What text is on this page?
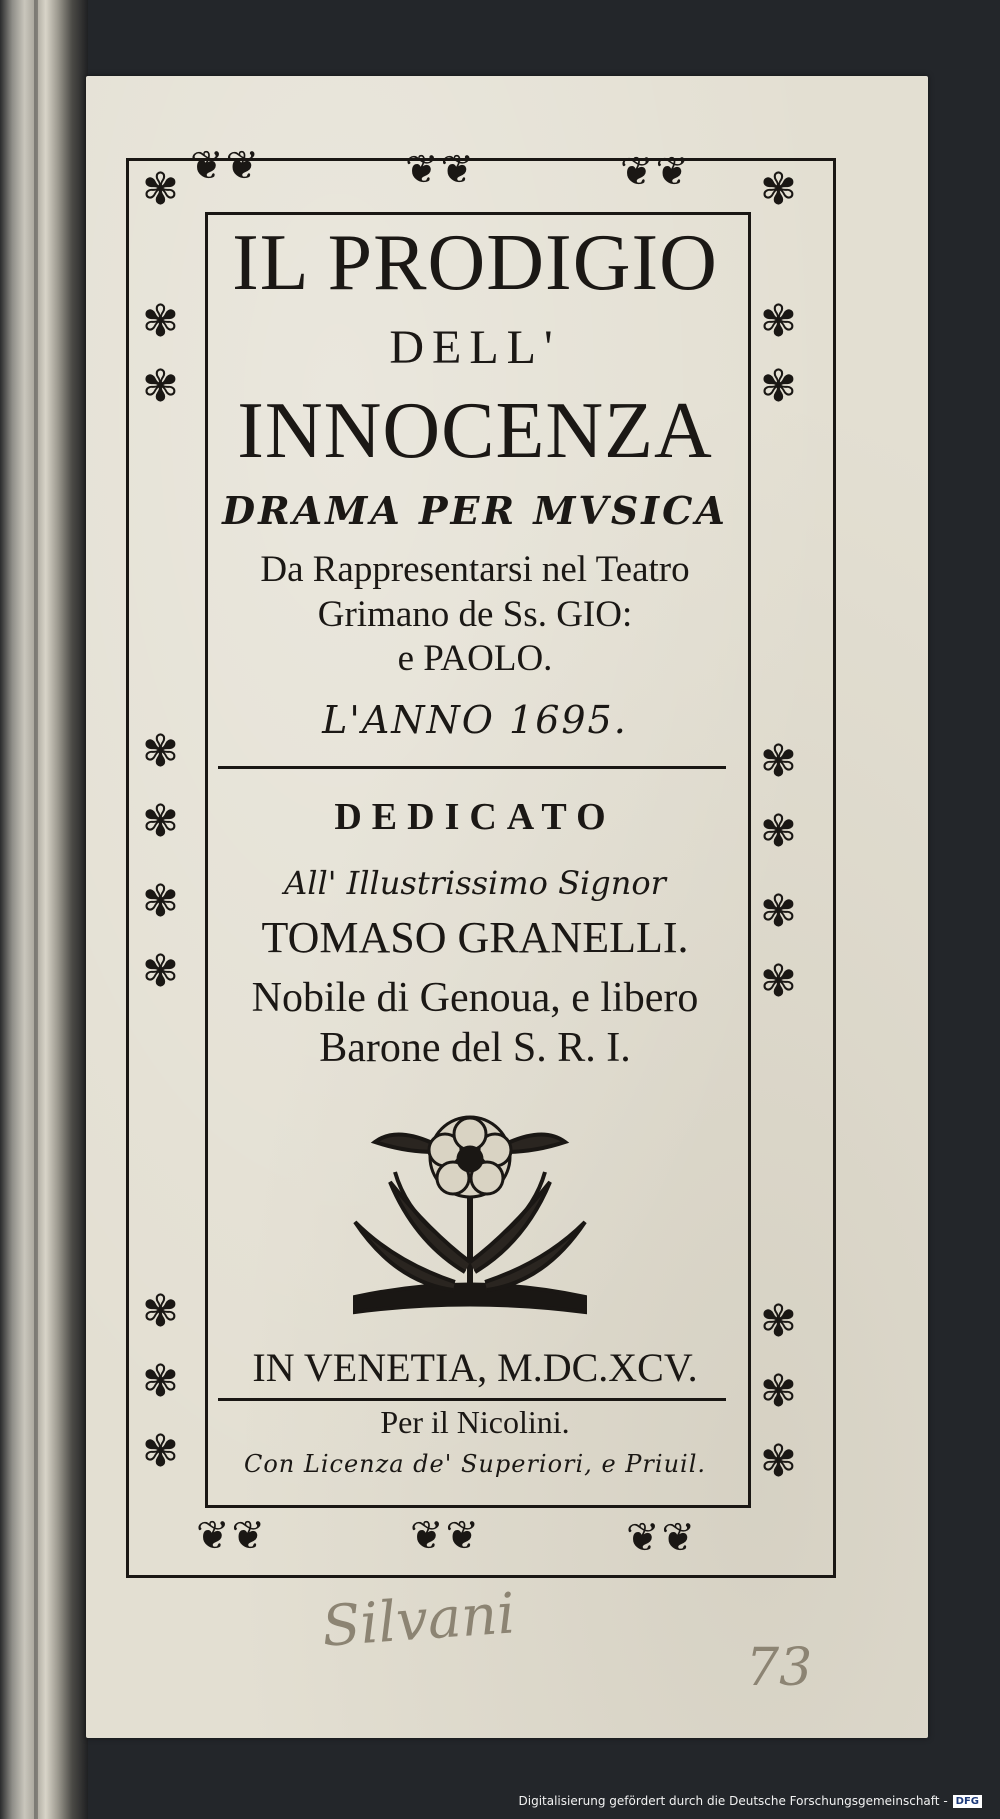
❦❦	❦❦	❦❦
❦❦	❦❦	❦❦
✾
✾
✾
✾
✾
✾
✾
✾
✾
✾
✾
✾
✾
✾
✾
✾
✾
✾
✾
✾
IL PRODIGIO
DELL'
INNOCENZA
DRAMA PER MVSICA
Da Rappresentarsi nel Teatro
Grimano de Ss. GIO:
e PAOLO.
L'ANNO 1695.
DEDICATO
All' Illustrissimo Signor
TOMASO GRANELLI.
Nobile di Genoua, e libero
Barone del S. R. I.
IN VENETIA, M.DC.XCV.
Per il Nicolini.
Con Licenza de' Superiori, e Priuil.
Silvani
73
Digitalisierung gefördert durch die Deutsche Forschungsgemeinschaft - DFG
